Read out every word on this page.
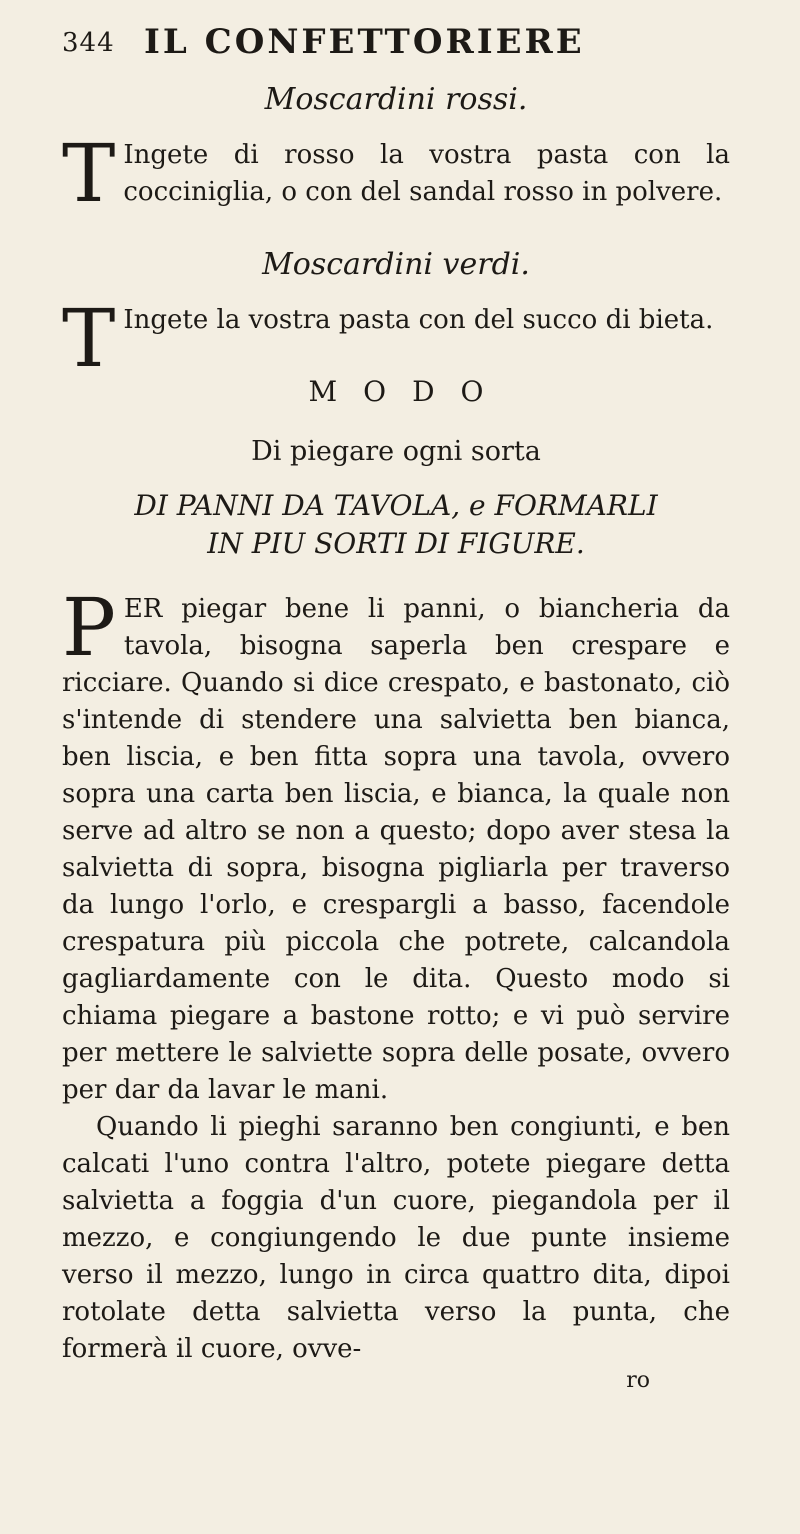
344 IL CONFETTORIERE

Moscardini rossi.

T Ingete di rosso la vostra pasta con la cocciniglia, o con del sandal rosso in polvere.

Moscardini verdi.

T Ingete la vostra pasta con del succo di bieta.

MODO

Di piegare ogni sorta

DI PANNI DA TAVOLA, e FORMARLI

IN PIU SORTI DI FIGURE.

PER piegar bene li panni, o biancheria da tavola, bisogna saperla ben crespare e ricciare. Quando si dice crespato, e bastonato, ciò s'intende di stendere una salvietta ben bianca, ben liscia, e ben fitta sopra una tavola, ovvero sopra una carta ben liscia, e bianca, la quale non serve ad altro se non a questo; dopo aver stesa la salvietta di sopra, bisogna pigliarla per traverso da lungo l'orlo, e crespargli a basso, facendole crespatura più piccola che potrete, calcandola gagliardamente con le dita. Questo modo si chiama piegare a bastone rotto; e vi può servire per mettere le salviette sopra delle posate, ovvero per dar da lavar le mani.

Quando li pieghi saranno ben congiunti, e ben calcati l'uno contra l'altro, potete piegare detta salvietta a foggia d'un cuore, piegandola per il mezzo, e congiungendo le due punte insieme verso il mezzo, lungo in circa quattro dita, dipoi rotolate detta salvietta verso la punta, che formerà il cuore, ovve-

ro
